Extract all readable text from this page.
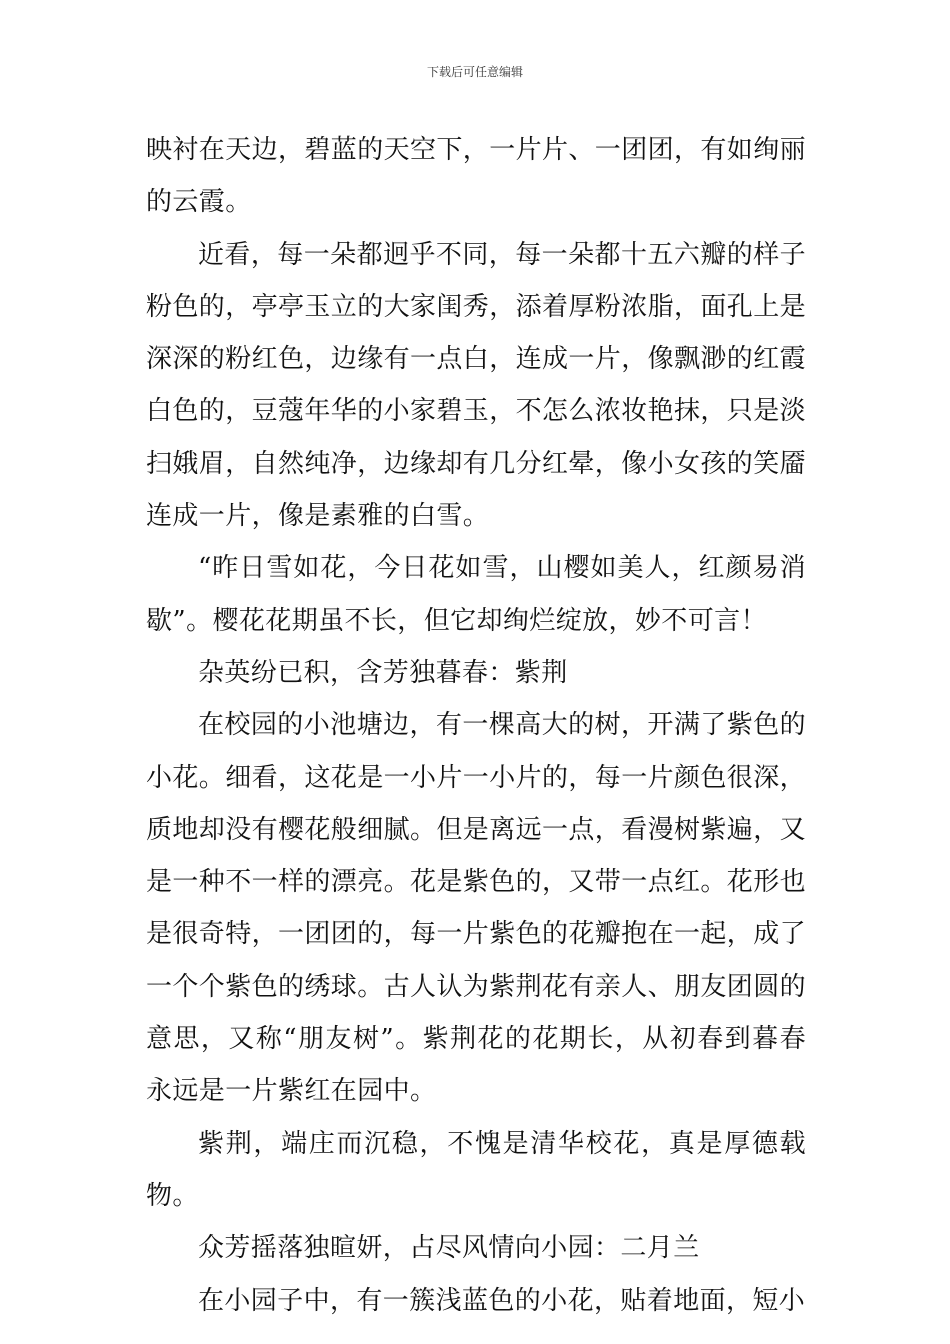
下载后可任意编辑

映衬在天边，碧蓝的天空下，一片片、一团团，有如绚丽的云霞。

近看，每一朵都迥乎不同，每一朵都十五六瓣的样子粉色的，亭亭玉立的大家闺秀，添着厚粉浓脂，面孔上是深深的粉红色，边缘有一点白，连成一片，像飘渺的红霞白色的，豆蔻年华的小家碧玉，不怎么浓妆艳抹，只是淡扫娥眉，自然纯净，边缘却有几分红晕，像小女孩的笑靥连成一片，像是素雅的白雪。

“昨日雪如花，今日花如雪，山樱如美人，红颜易消歇”。樱花花期虽不长，但它却绚烂绽放，妙不可言！

杂英纷已积，含芳独暮春：紫荆

在校园的小池塘边，有一棵高大的树，开满了紫色的小花。细看，这花是一小片一小片的，每一片颜色很深，质地却没有樱花般细腻。但是离远一点，看漫树紫遍，又是一种不一样的漂亮。花是紫色的，又带一点红。花形也是很奇特，一团团的，每一片紫色的花瓣抱在一起，成了一个个紫色的绣球。古人认为紫荆花有亲人、朋友团圆的意思，又称“朋友树”。紫荆花的花期长，从初春到暮春永远是一片紫红在园中。

紫荆，端庄而沉稳，不愧是清华校花，真是厚德载物。

众芳摇落独暄妍，占尽风情向小园：二月兰

在小园子中，有一簇浅蓝色的小花，贴着地面，短小
